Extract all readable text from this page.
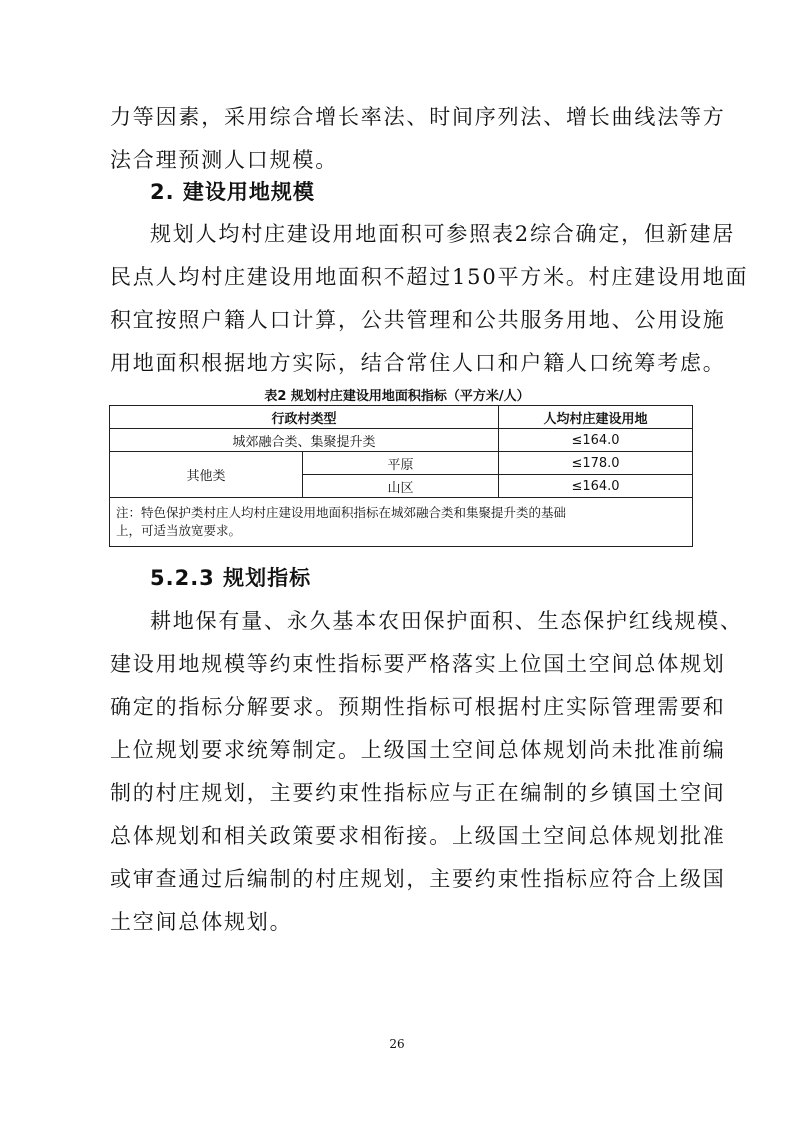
力等因素，采用综合增长率法、时间序列法、增长曲线法等方
法合理预测人口规模。
2. 建设用地规模
规划人均村庄建设用地面积可参照表2综合确定，但新建居
民点人均村庄建设用地面积不超过150平方米。村庄建设用地面
积宜按照户籍人口计算，公共管理和公共服务用地、公用设施
用地面积根据地方实际，结合常住人口和户籍人口统筹考虑。
表2 规划村庄建设用地面积指标（平方米/人）
行政村类型		人均村庄建设用地
城郊融合类、集聚提升类		≤164.0
其他类	平原	≤178.0
	山区	≤164.0

注：特色保护类村庄人均村庄建设用地面积指标在城郊融合类和集聚提升类的基础
上，可适当放宽要求。		
5.2.3 规划指标
耕地保有量、永久基本农田保护面积、生态保护红线规模、
建设用地规模等约束性指标要严格落实上位国土空间总体规划
确定的指标分解要求。预期性指标可根据村庄实际管理需要和
上位规划要求统筹制定。上级国土空间总体规划尚未批准前编
制的村庄规划，主要约束性指标应与正在编制的乡镇国土空间
总体规划和相关政策要求相衔接。上级国土空间总体规划批准
或审查通过后编制的村庄规划，主要约束性指标应符合上级国
土空间总体规划。
26
